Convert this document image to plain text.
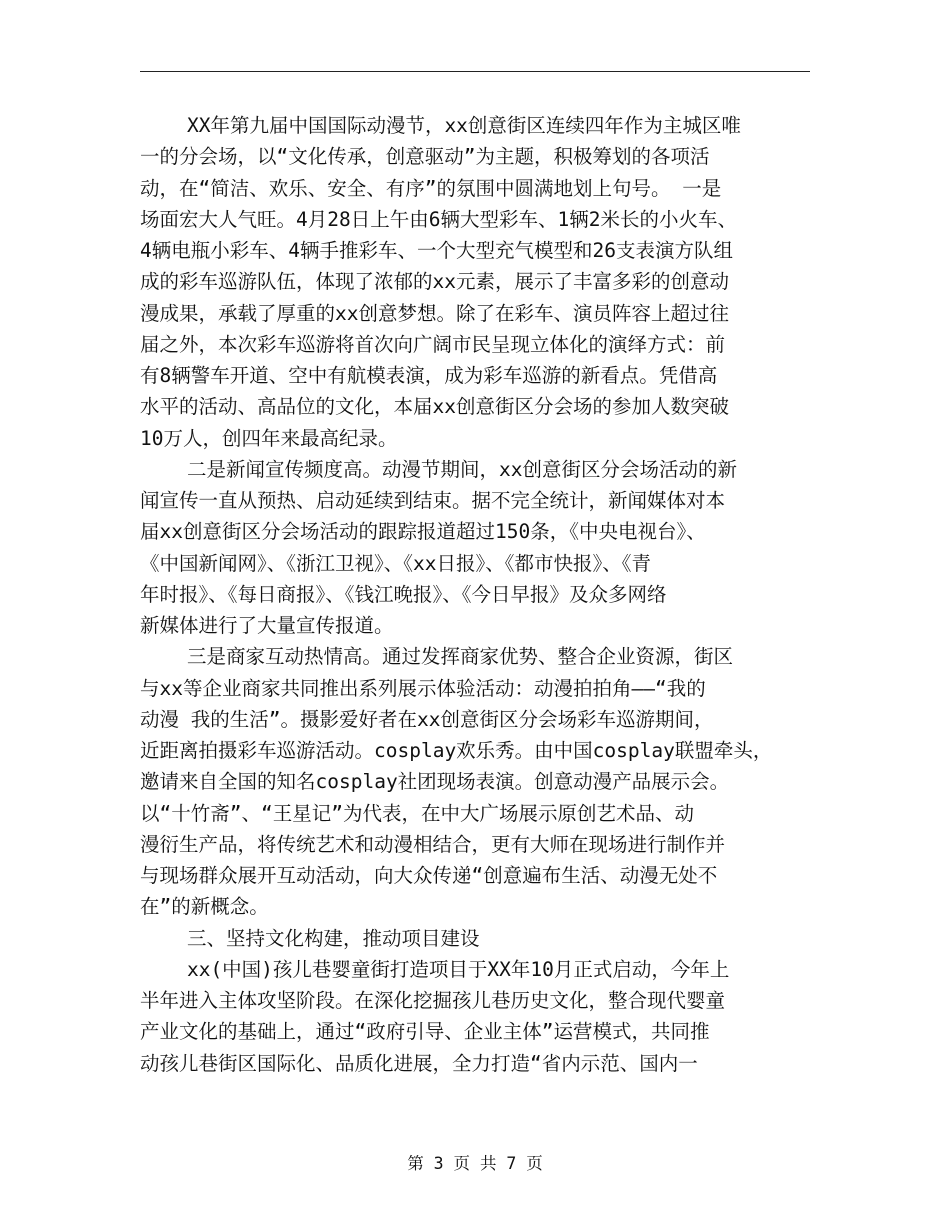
XX年第九届中国国际动漫节，xx创意街区连续四年作为主城区唯
一的分会场，以“文化传承，创意驱动”为主题，积极筹划的各项活
动，在“简洁、欢乐、安全、有序”的氛围中圆满地划上句号。 一是
场面宏大人气旺。4月28日上午由6辆大型彩车、1辆2米长的小火车、
4辆电瓶小彩车、4辆手推彩车、一个大型充气模型和26支表演方队组
成的彩车巡游队伍，体现了浓郁的xx元素，展示了丰富多彩的创意动
漫成果，承载了厚重的xx创意梦想。除了在彩车、演员阵容上超过往
届之外，本次彩车巡游将首次向广阔市民呈现立体化的演绎方式：前
有8辆警车开道、空中有航模表演，成为彩车巡游的新看点。凭借高
水平的活动、高品位的文化，本届xx创意街区分会场的参加人数突破
10万人，创四年来最高纪录。
二是新闻宣传频度高。动漫节期间，xx创意街区分会场活动的新
闻宣传一直从预热、启动延续到结束。据不完全统计，新闻媒体对本
届xx创意街区分会场活动的跟踪报道超过150条，《中央电视台》、
《中国新闻网》、《浙江卫视》、《xx日报》、《都市快报》、《青
年时报》、《每日商报》、《钱江晚报》、《今日早报》及众多网络
新媒体进行了大量宣传报道。
三是商家互动热情高。通过发挥商家优势、整合企业资源，街区
与xx等企业商家共同推出系列展示体验活动：动漫拍拍角——“我的
动漫 我的生活”。摄影爱好者在xx创意街区分会场彩车巡游期间，
近距离拍摄彩车巡游活动。cosplay欢乐秀。由中国cosplay联盟牵头，
邀请来自全国的知名cosplay社团现场表演。创意动漫产品展示会。
以“十竹斋”、“王星记”为代表，在中大广场展示原创艺术品、动
漫衍生产品，将传统艺术和动漫相结合，更有大师在现场进行制作并
与现场群众展开互动活动，向大众传递“创意遍布生活、动漫无处不
在”的新概念。
三、坚持文化构建，推动项目建设
xx(中国)孩儿巷婴童街打造项目于XX年10月正式启动，今年上
半年进入主体攻坚阶段。在深化挖掘孩儿巷历史文化，整合现代婴童
产业文化的基础上，通过“政府引导、企业主体”运营模式，共同推
动孩儿巷街区国际化、品质化进展，全力打造“省内示范、国内一
第 3 页 共 7 页
